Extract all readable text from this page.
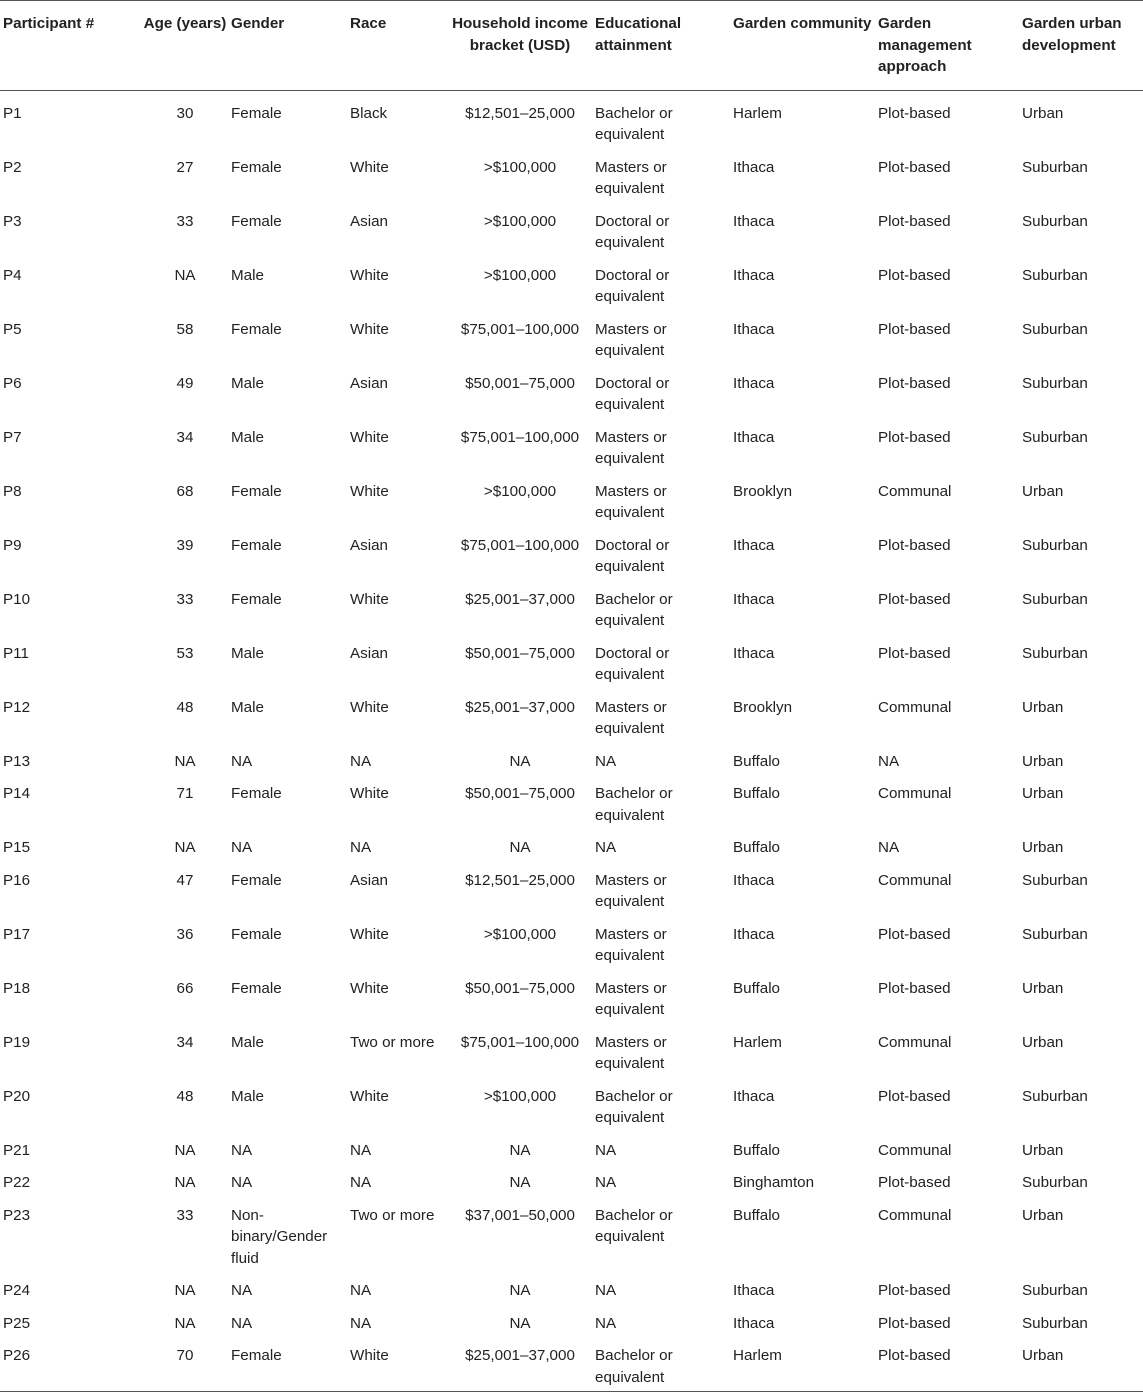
Participant #	Age (years)	Gender	Race	Household income bracket (USD)	Educational attainment	Garden community	Garden management approach	Garden urban development

P1	30	Female	Black	$12,501–25,000	Bachelor or equivalent	Harlem	Plot-based	Urban
P2	27	Female	White	>$100,000	Masters or equivalent	Ithaca	Plot-based	Suburban
P3	33	Female	Asian	>$100,000	Doctoral or equivalent	Ithaca	Plot-based	Suburban
P4	NA	Male	White	>$100,000	Doctoral or equivalent	Ithaca	Plot-based	Suburban
P5	58	Female	White	$75,001–100,000	Masters or equivalent	Ithaca	Plot-based	Suburban
P6	49	Male	Asian	$50,001–75,000	Doctoral or equivalent	Ithaca	Plot-based	Suburban
P7	34	Male	White	$75,001–100,000	Masters or equivalent	Ithaca	Plot-based	Suburban
P8	68	Female	White	>$100,000	Masters or equivalent	Brooklyn	Communal	Urban
P9	39	Female	Asian	$75,001–100,000	Doctoral or equivalent	Ithaca	Plot-based	Suburban
P10	33	Female	White	$25,001–37,000	Bachelor or equivalent	Ithaca	Plot-based	Suburban
P11	53	Male	Asian	$50,001–75,000	Doctoral or equivalent	Ithaca	Plot-based	Suburban
P12	48	Male	White	$25,001–37,000	Masters or equivalent	Brooklyn	Communal	Urban
P13	NA	NA	NA	NA	NA	Buffalo	NA	Urban
P14	71	Female	White	$50,001–75,000	Bachelor or equivalent	Buffalo	Communal	Urban
P15	NA	NA	NA	NA	NA	Buffalo	NA	Urban
P16	47	Female	Asian	$12,501–25,000	Masters or equivalent	Ithaca	Communal	Suburban
P17	36	Female	White	>$100,000	Masters or equivalent	Ithaca	Plot-based	Suburban
P18	66	Female	White	$50,001–75,000	Masters or equivalent	Buffalo	Plot-based	Urban
P19	34	Male	Two or more	$75,001–100,000	Masters or equivalent	Harlem	Communal	Urban
P20	48	Male	White	>$100,000	Bachelor or equivalent	Ithaca	Plot-based	Suburban
P21	NA	NA	NA	NA	NA	Buffalo	Communal	Urban
P22	NA	NA	NA	NA	NA	Binghamton	Plot-based	Suburban
P23	33	Non-binary/Gender fluid	Two or more	$37,001–50,000	Bachelor or equivalent	Buffalo	Communal	Urban
P24	NA	NA	NA	NA	NA	Ithaca	Plot-based	Suburban
P25	NA	NA	NA	NA	NA	Ithaca	Plot-based	Suburban
P26	70	Female	White	$25,001–37,000	Bachelor or equivalent	Harlem	Plot-based	Urban
